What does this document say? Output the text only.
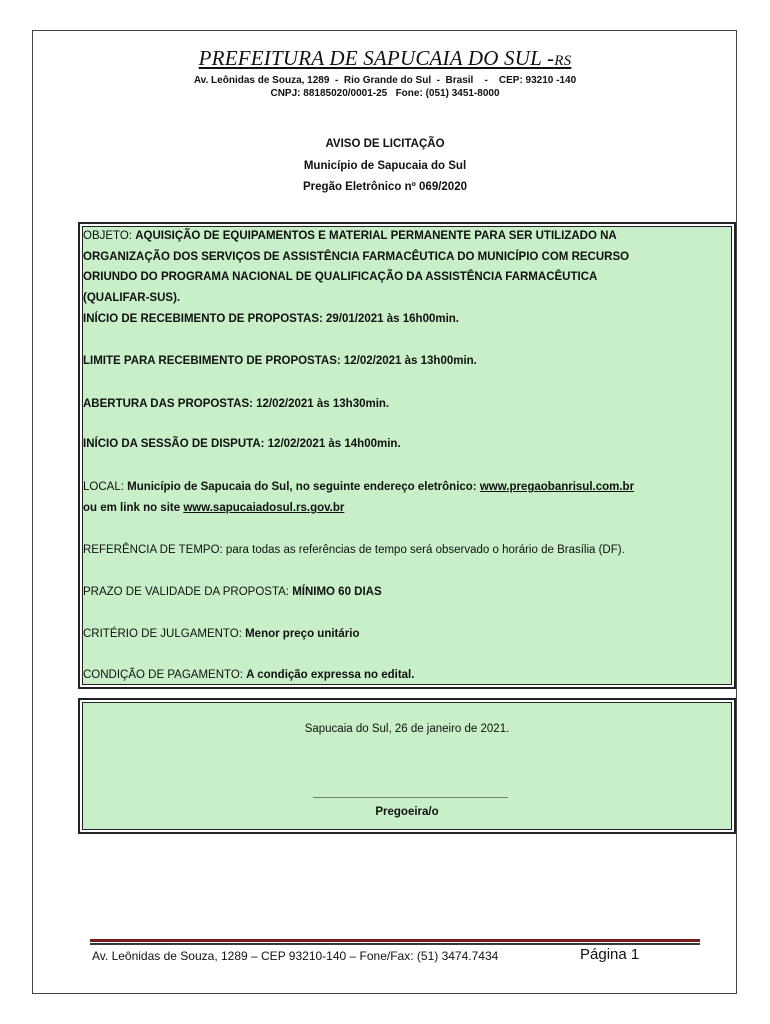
PREFEITURA DE SAPUCAIA DO SUL -RS
Av. Leônidas de Souza, 1289  -  Rio Grande do Sul  -  Brasil    -    CEP: 93210 -140
CNPJ: 88185020/0001-25   Fone: (051) 3451-8000
AVISO DE LICITAÇÃO
Município de Sapucaia do Sul
Pregão Eletrônico nº 069/2020
OBJETO: AQUISIÇÃO DE EQUIPAMENTOS E MATERIAL PERMANENTE PARA SER UTILIZADO NA
ORGANIZAÇÃO DOS SERVIÇOS DE ASSISTÊNCIA FARMACÊUTICA DO MUNICÍPIO COM RECURSO
ORIUNDO DO PROGRAMA NACIONAL DE QUALIFICAÇÃO DA ASSISTÊNCIA FARMACÊUTICA
(QUALIFAR-SUS).
INÍCIO DE RECEBIMENTO DE PROPOSTAS: 29/01/2021 às 16h00min.
LIMITE PARA RECEBIMENTO DE PROPOSTAS: 12/02/2021 às 13h00min.
ABERTURA DAS PROPOSTAS: 12/02/2021 às 13h30min.
INÍCIO DA SESSÃO DE DISPUTA: 12/02/2021 às 14h00min.
LOCAL: Município de Sapucaia do Sul, no seguinte endereço eletrônico: www.pregaobanrisul.com.br
ou em link no site www.sapucaiadosul.rs.gov.br
REFERÊNCIA DE TEMPO: para todas as referências de tempo será observado o horário de Brasília (DF).
PRAZO DE VALIDADE DA PROPOSTA: MÍNIMO 60 DIAS
CRITÉRIO DE JULGAMENTO: Menor preço unitário
CONDIÇÃO DE PAGAMENTO: A condição expressa no edital.
Sapucaia do Sul, 26 de janeiro de 2021.
Pregoeira/o
Av. Leônidas de Souza, 1289 – CEP 93210-140 – Fone/Fax: (51) 3474.7434	Página 1
